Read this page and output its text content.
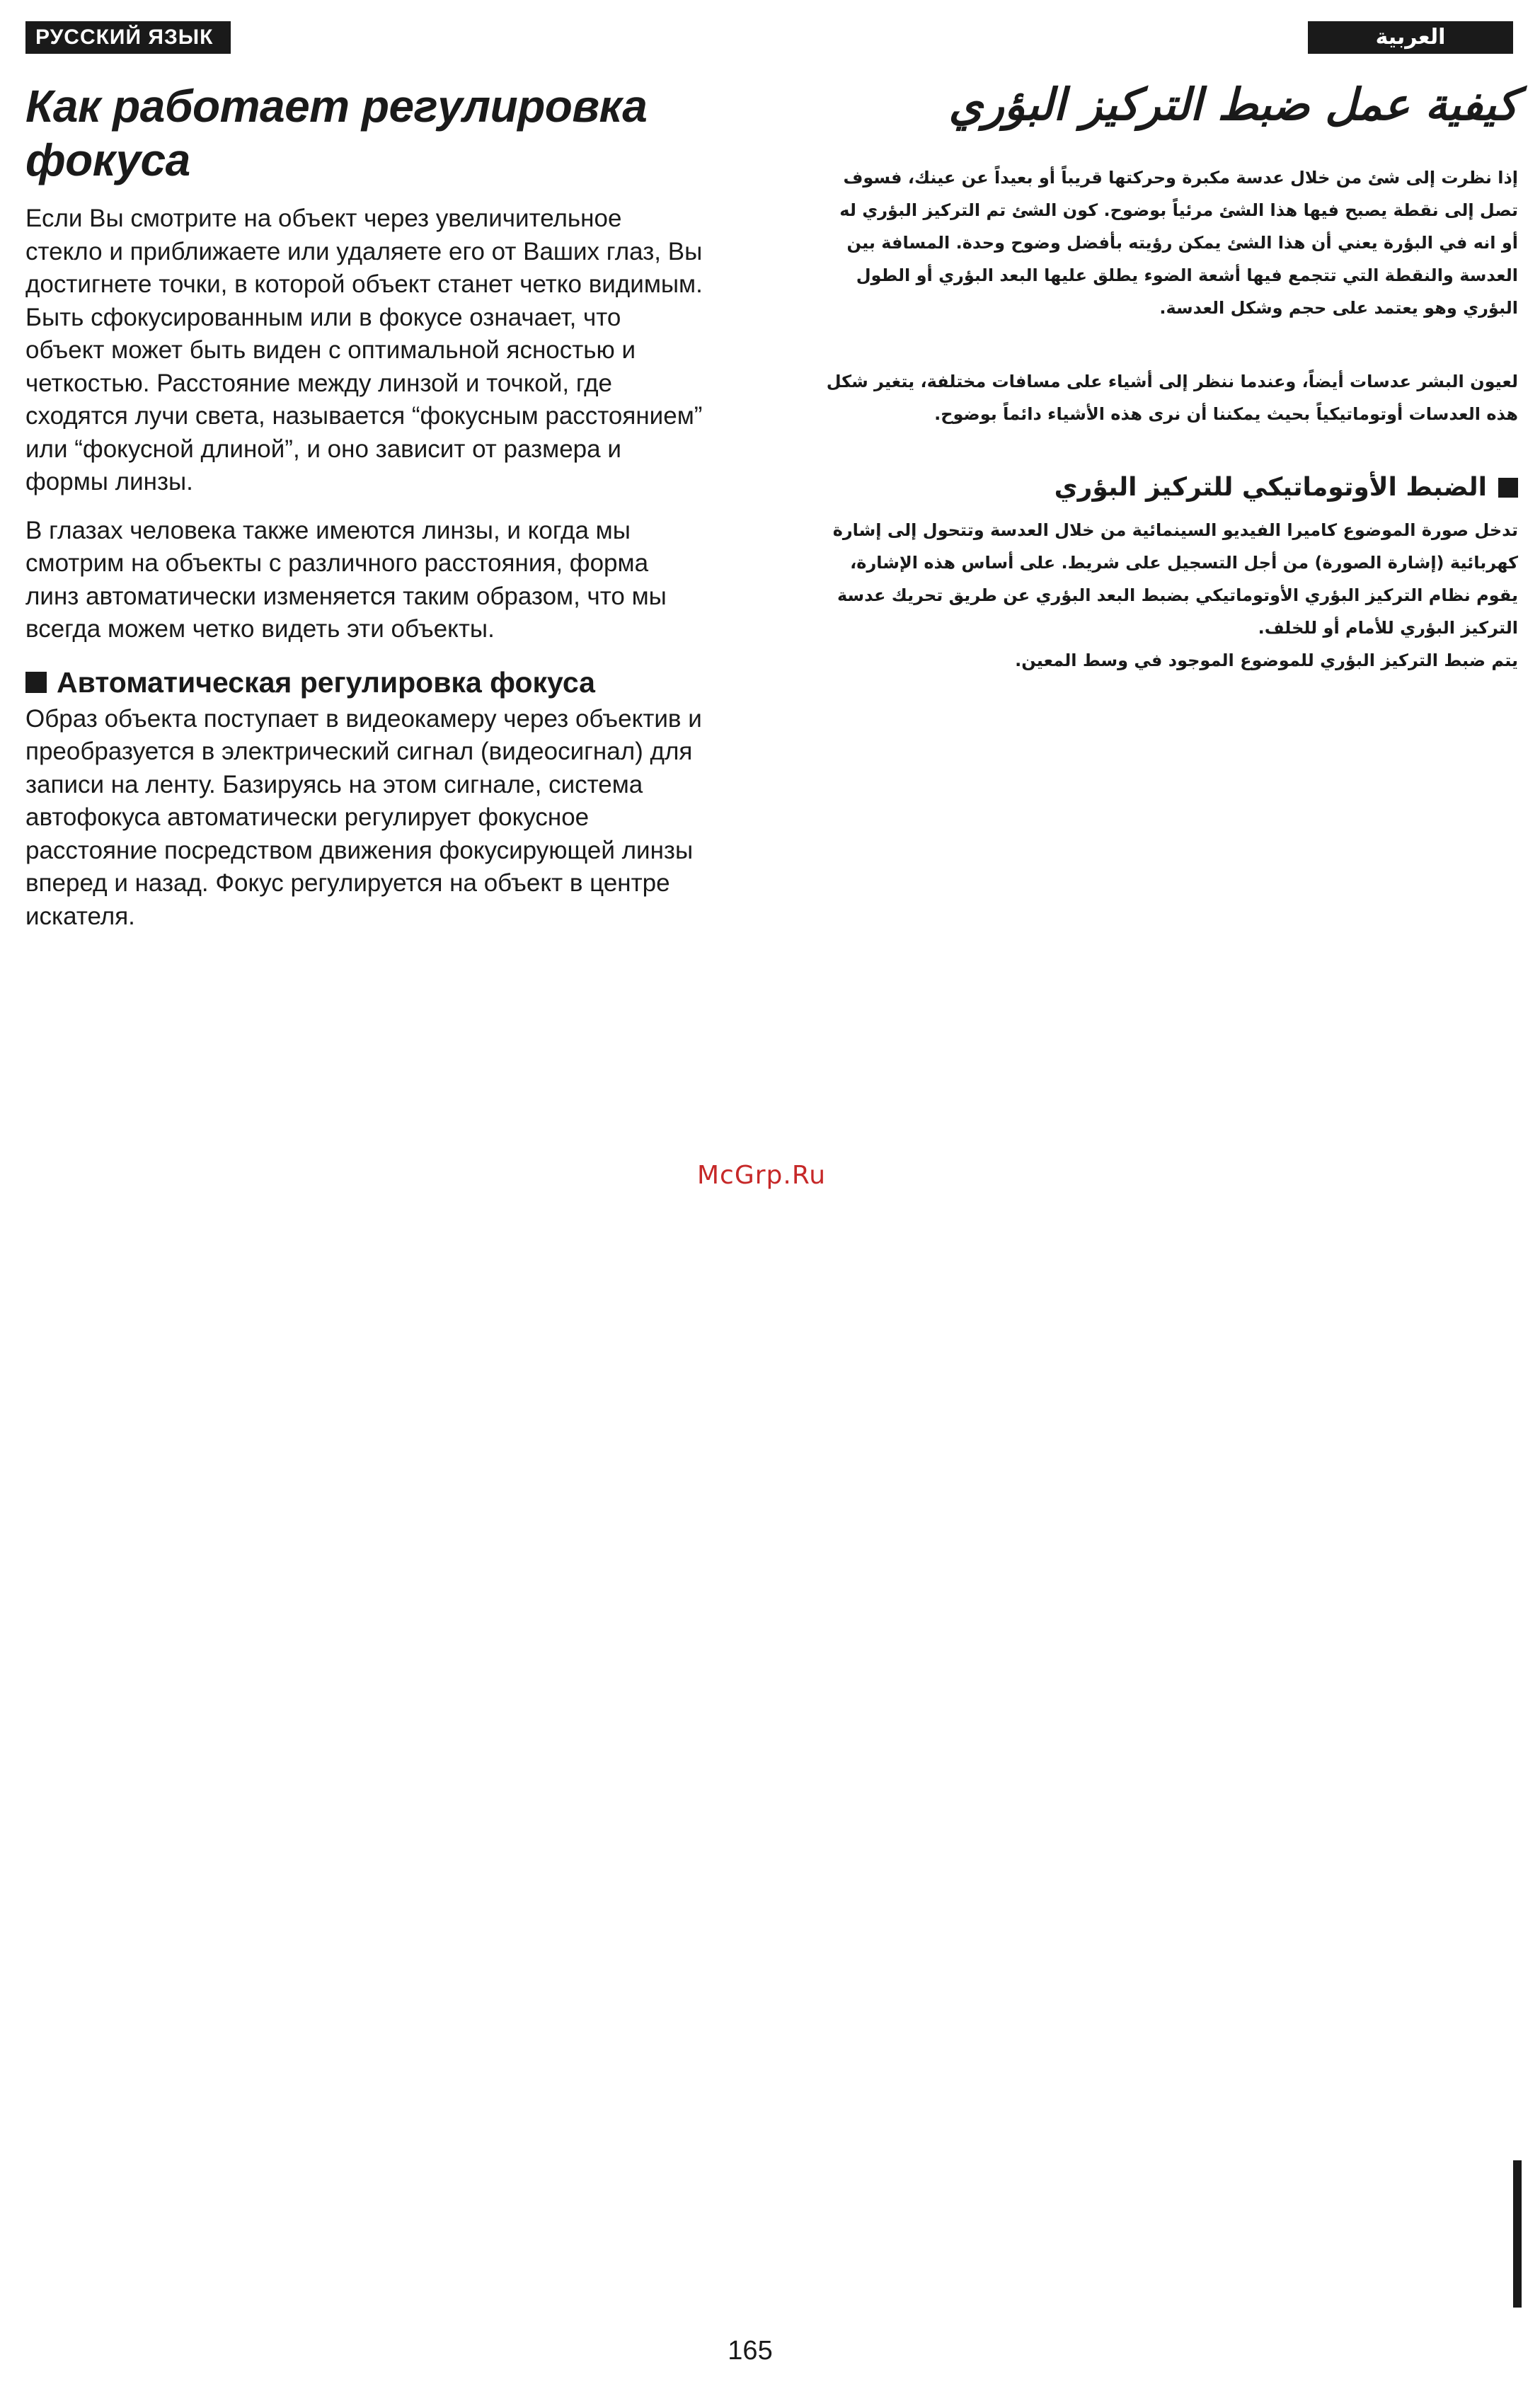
РУССКИЙ ЯЗЫК	العربية
Как работает регулировка фокуса

Если Вы смотрите на объект через увеличительное стекло и приближаете или удаляете его от Ваших глаз, Вы достигнете точки, в которой объект станет четко видимым.

Быть сфокусированным или в фокусе означает, что объект может быть виден с оптимальной ясностью и четкостью. Расстояние между линзой и точкой, где сходятся лучи света, называется “фокусным расстоянием” или “фокусной длиной”, и оно зависит от размера и формы линзы.

В глазах человека также имеются линзы, и когда мы смотрим на объекты с различного расстояния, форма линз автоматически изменяется таким образом, что мы всегда можем четко видеть эти объекты.

Автоматическая регулировка фокуса

Образ объекта поступает в видеокамеру через объектив и преобразуется в электрический сигнал (видеосигнал) для записи на ленту. Базируясь на этом сигнале, система автофокуса автоматически регулирует фокусное расстояние посредством движения фокусирующей линзы вперед и назад. Фокус регулируется на объект в центре искателя.

كيفية عمل ضبط التركيز البؤري

إذا نظرت إلى شئ من خلال عدسة مكبرة وحركتها قريباً أو بعيداً عن عينك، فسوف تصل إلى نقطة يصبح فيها هذا الشئ مرئياً بوضوح. كون الشئ تم التركيز البؤري له أو انه في البؤرة يعني أن هذا الشئ يمكن رؤيته بأفضل وضوح وحدة. المسافة بين العدسة والنقطة التي تتجمع فيها أشعة الضوء يطلق عليها البعد البؤري أو الطول البؤري وهو يعتمد على حجم وشكل العدسة.

لعيون البشر عدسات أيضاً، وعندما ننظر إلى أشياء على مسافات مختلفة، يتغير شكل هذه العدسات أوتوماتيكياً بحيث يمكننا أن نرى هذه الأشياء دائماً بوضوح.

الضبط الأوتوماتيكي للتركيز البؤري

تدخل صورة الموضوع كاميرا الفيديو السينمائية من خلال العدسة وتتحول إلى إشارة كهربائية (إشارة الصورة) من أجل التسجيل على شريط. على أساس هذه الإشارة، يقوم نظام التركيز البؤري الأوتوماتيكي بضبط البعد البؤري عن طريق تحريك عدسة التركيز البؤري للأمام أو للخلف.

يتم ضبط التركيز البؤري للموضوع الموجود في وسط المعين.

McGrp.Ru
165
